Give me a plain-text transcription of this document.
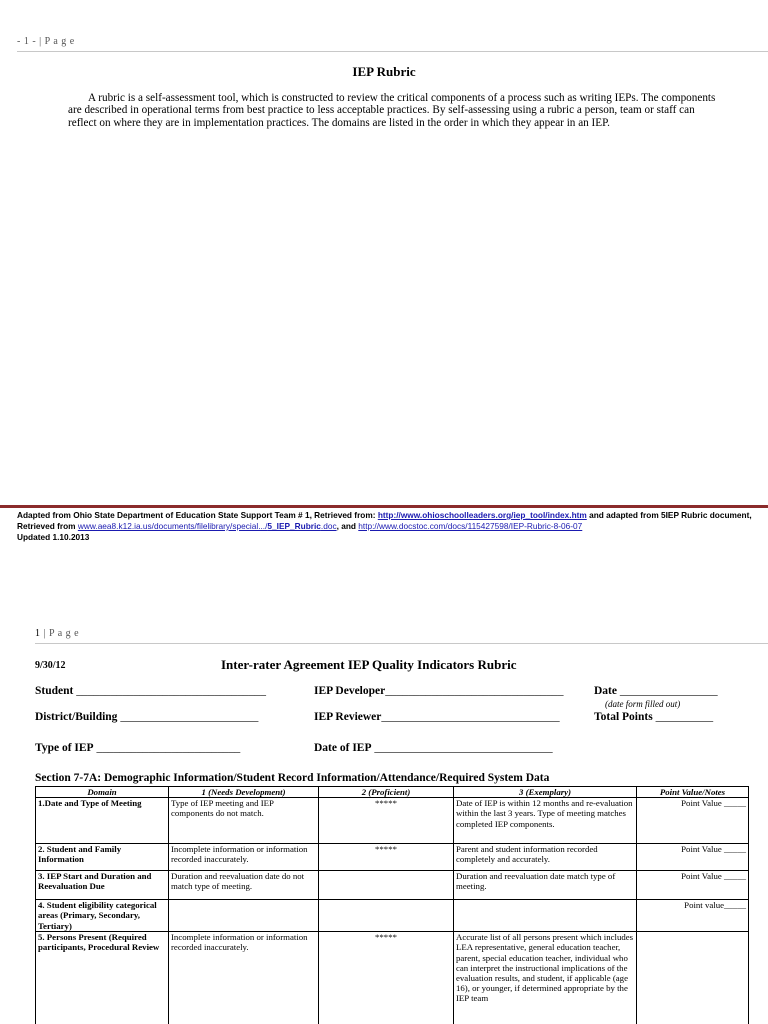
- 1 - | P a g e
IEP Rubric
A rubric is a self-assessment tool, which is constructed to review the critical components of a process such as writing IEPs. The components are described in operational terms from best practice to less acceptable practices. By self-assessing using a rubric a person, team or staff can reflect on where they are in implementation practices. The domains are listed in the order in which they appear in an IEP.
Adapted from Ohio State Department of Education State Support Team # 1, Retrieved from: http://www.ohioschoolleaders.org/iep_tool/index.htm and adapted from 5IEP Rubric document, Retrieved from www.aea8.k12.ia.us/documents/filelibrary/special.../5_IEP_Rubric.doc, and http://www.docstoc.com/docs/115427598/IEP-Rubric-8-06-07
Updated 1.10.2013
1 | P a g e
9/30/12	Inter-rater Agreement IEP Quality Indicators Rubric
Student _________________________________	IEP Developer_______________________________	Date _________________
(date form filled out)
District/Building ________________________	IEP Reviewer_______________________________	Total Points __________
Type of IEP _________________________	Date of IEP _______________________________
Section 7-7A: Demographic Information/Student Record Information/Attendance/Required System Data
Domain	1 (Needs Development)	2 (Proficient)	3 (Exemplary)	Point Value/Notes
1.Date and Type of Meeting	Type of IEP meeting and IEP components do not match.	*****	Date of IEP is within 12 months and re-evaluation within the last 3 years. Type of meeting matches completed IEP components.	Point Value _____
2. Student and Family Information	Incomplete information or information recorded inaccurately.	*****	Parent and student information recorded completely and accurately.	Point Value _____
3. IEP Start and Duration and Reevaluation Due	Duration and reevaluation date do not match type of meeting.		Duration and reevaluation date match type of meeting.	Point Value _____
4. Student eligibility categorical areas (Primary, Secondary, Tertiary)				Point value_____
5. Persons Present (Required participants, Procedural Review	Incomplete information or information recorded inaccurately.	*****	Accurate list of all persons present which includes LEA representative, general education teacher, parent, special education teacher, individual who can interpret the instructional implications of the evaluation results, and student, if applicable (age 16), or younger, if determined appropriate by the IEP team	
